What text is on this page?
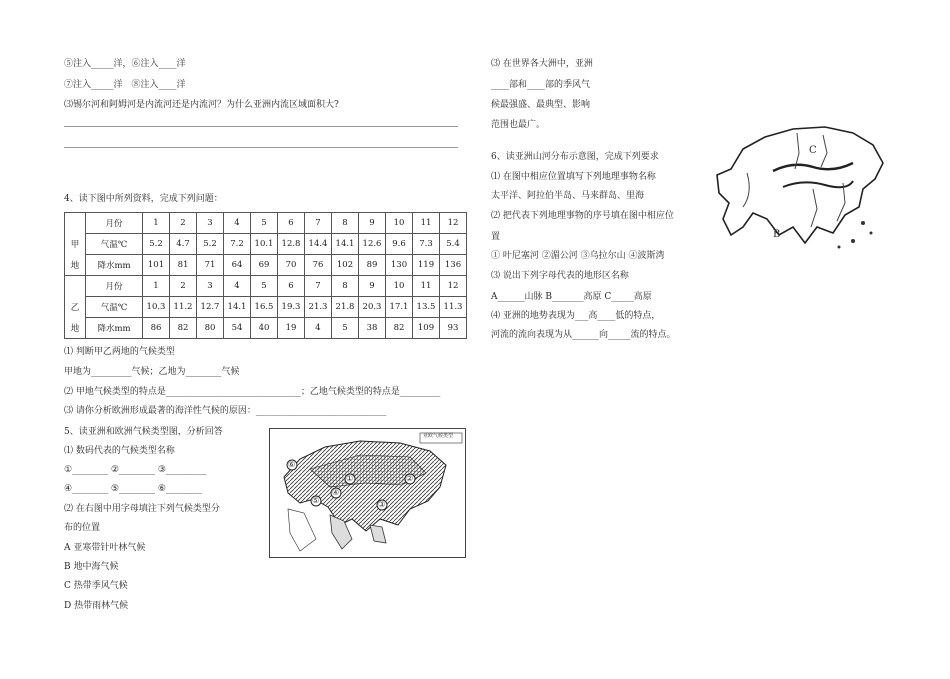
⑤注入_____洋，⑥注入____洋
⑦注入_____洋　⑧注入____洋
⑶锡尔河和阿姆河是内流河还是内流河？为什么亚洲内流区域面积大?
4、读下图中所列资料，完成下列问题：
	月份	1	2	3	4	5	6	7	8	9	10	11	12
甲	气温℃	5.2	4.7	5.2	7.2	10.1	12.8	14.4	14.1	12.6	9.6	7.3	5.4
地	降水mm	101	81	71	64	69	70	76	102	89	130	119	136
	月份	1	2	3	4	5	6	7	8	9	10	11	12
乙	气温℃	10.3	11.2	12.7	14.1	16.5	19.3	21.3	21.8	20.3	17.1	13.5	11.3
地	降水mm	86	82	80	54	40	19	4	5	38	82	109	93
⑴ 判断甲乙两地的气候类型
甲地为_________气候；乙地为________气候
⑵ 甲地气候类型的特点是______________________________；乙地气候类型的特点是_________
⑶ 请你分析欧洲形成最著的海洋性气候的原因：_____________________________
5、读亚洲和欧洲气候类型图，分析回答
⑴ 数码代表的气候类型名称
①________ ②________ ③_________
④________ ⑤________ ⑥________
⑵ 在右图中用字母填注下列气候类型分
布的位置
A 亚寒带针叶林气候
B 地中海气候
C 热带季风气候
D 热带雨林气候
亚欧气候类型
①	②
③
④
⑤
⑥
⑶ 在世界各大洲中，亚洲
____部和____部的季风气
候最强盛、最典型、影响
范围也最广。
6、读亚洲山河分布示意图，完成下列要求
⑴ 在图中相应位置填写下列地理事物名称
太平洋、阿拉伯半岛、马来群岛、里海
⑵ 把代表下列地理事物的序号填在图中相应位
置
① 叶尼塞河 ②湄公河 ③乌拉尔山 ④波斯湾
⑶ 说出下列字母代表的地形区名称
A______山脉 B_______高原 C_____高原
⑷ 亚洲的地势表现为___高____低的特点，
河流的流向表现为从______向_____流的特点。
C
B
